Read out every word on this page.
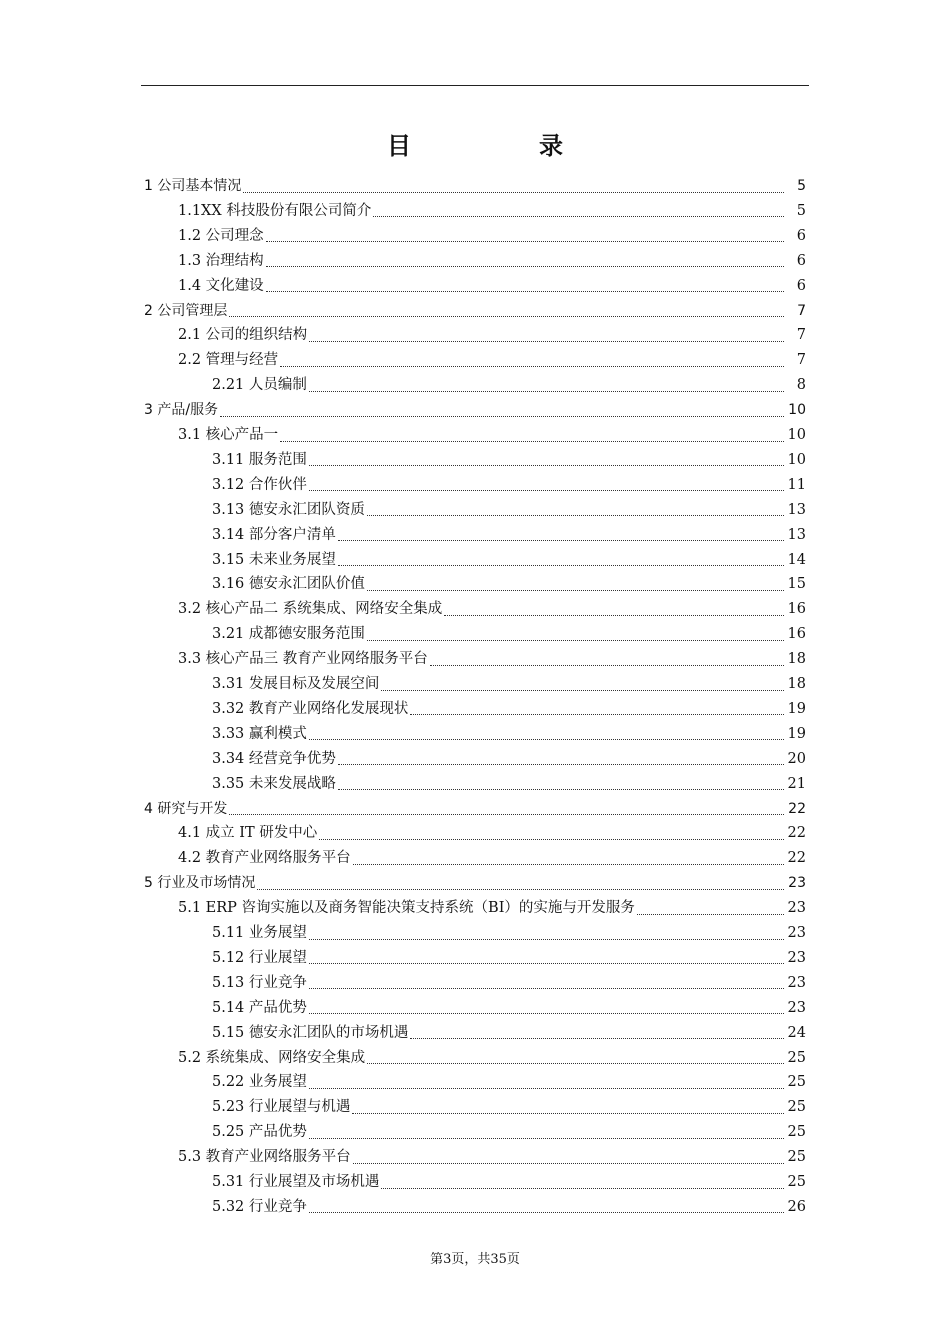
目	录
1 公司基本情况	5
1.1XX 科技股份有限公司简介	5
1.2 公司理念	6
1.3 治理结构	6
1.4 文化建设	6
2 公司管理层	7
2.1 公司的组织结构	7
2.2 管理与经营	7
2.21 人员编制	8
3 产品/服务	10
3.1 核心产品一	10
3.11 服务范围	10
3.12 合作伙伴	11
3.13 德安永汇团队资质	13
3.14 部分客户清单	13
3.15 未来业务展望	14
3.16 德安永汇团队价值	15
3.2 核心产品二 系统集成、网络安全集成	16
3.21 成都德安服务范围	16
3.3 核心产品三 教育产业网络服务平台	18
3.31 发展目标及发展空间	18
3.32 教育产业网络化发展现状	19
3.33 赢利模式	19
3.34 经营竞争优势	20
3.35 未来发展战略	21
4 研究与开发	22
4.1 成立 IT 研发中心	22
4.2 教育产业网络服务平台	22
5 行业及市场情况	23
5.1 ERP 咨询实施以及商务智能决策支持系统（BI）的实施与开发服务	23
5.11 业务展望	23
5.12 行业展望	23
5.13 行业竞争	23
5.14 产品优势	23
5.15 德安永汇团队的市场机遇	24
5.2 系统集成、网络安全集成	25
5.22 业务展望	25
5.23 行业展望与机遇	25
5.25 产品优势	25
5.3 教育产业网络服务平台	25
5.31 行业展望及市场机遇	25
5.32 行业竞争	26
第3页，共35页
